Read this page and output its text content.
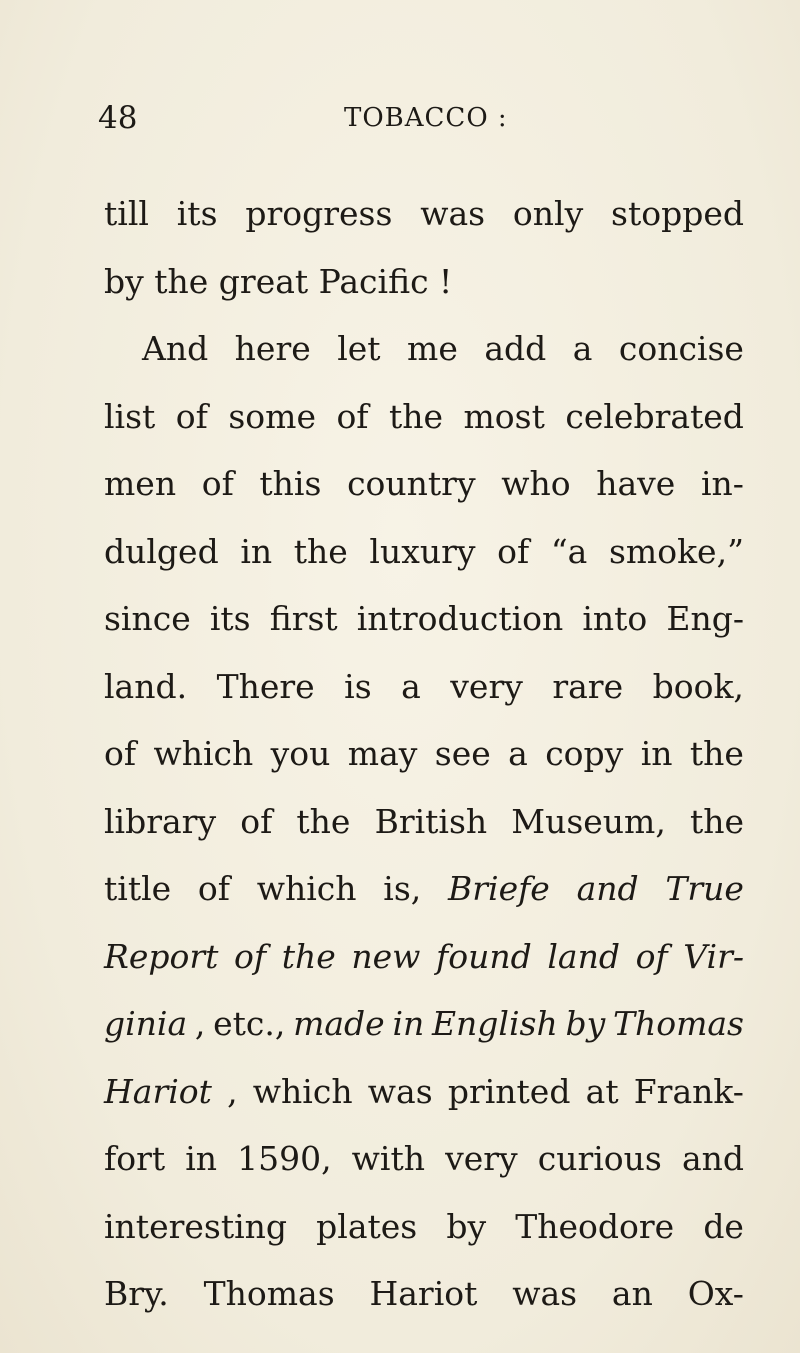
48	TOBACCO :
till its progress was only stopped
by the great Pacific !
And here let me add a concise
list of some of the most celebrated
men of this country who have in-
dulged in the luxury of “a smoke,”
since its first introduction into Eng-
land. There is a very rare book,
of which you may see a copy in the
library of the British Museum, the
title of which is, Briefe and True
Report of the new found land of Vir-
ginia , etc., made in English by Thomas
Hariot , which was printed at Frank-
fort in 1590, with very curious and
interesting plates by Theodore de
Bry. Thomas Hariot was an Ox-
